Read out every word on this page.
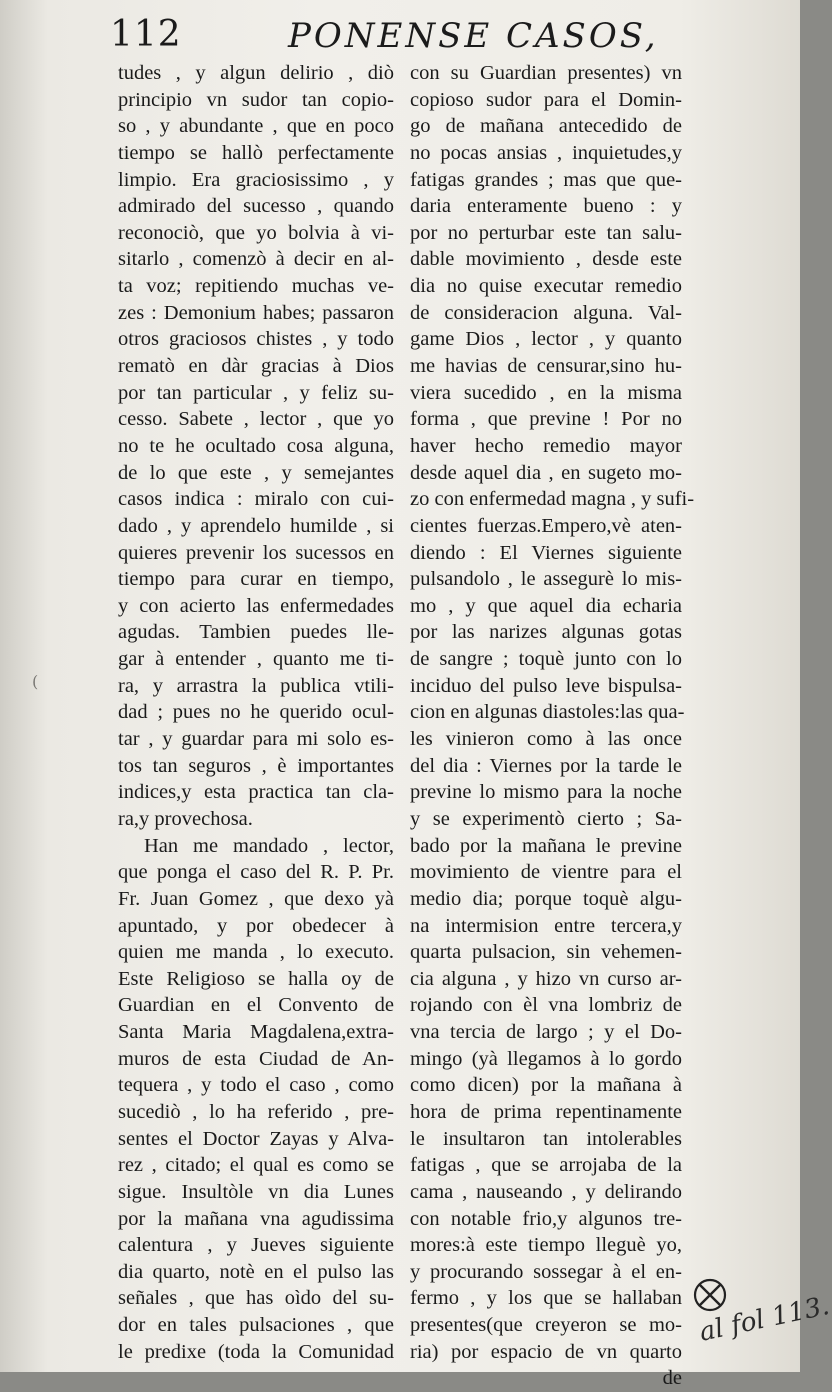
112	PONENSE CASOS,
tudes , y algun delirio , diò
principio vn sudor tan copio-
so , y abundante , que en poco
tiempo se hallò perfectamente
limpio. Era graciosissimo , y
admirado del sucesso , quando
reconociò, que yo bolvia à vi-
sitarlo , comenzò à decir en al-
ta voz; repitiendo muchas ve-
zes : Demonium habes; passaron
otros graciosos chistes , y todo
rematò en dàr gracias à Dios
por tan particular , y feliz su-
cesso. Sabete , lector , que yo
no te he ocultado cosa alguna,
de lo que este , y semejantes
casos indica : miralo con cui-
dado , y aprendelo humilde , si
quieres prevenir los sucessos en
tiempo para curar en tiempo,
y con acierto las enfermedades
agudas. Tambien puedes lle-
gar à entender , quanto me ti-
ra, y arrastra la publica vtili-
dad ; pues no he querido ocul-
tar , y guardar para mi solo es-
tos tan seguros , è importantes
indices,y esta practica tan cla-
ra,y provechosa.
Han me mandado , lector,
que ponga el caso del R. P. Pr.
Fr. Juan Gomez , que dexo yà
apuntado, y por obedecer à
quien me manda , lo executo.
Este Religioso se halla oy de
Guardian en el Convento de
Santa Maria Magdalena,extra-
muros de esta Ciudad de An-
tequera , y todo el caso , como
sucediò , lo ha referido , pre-
sentes el Doctor Zayas y Alva-
rez , citado; el qual es como se
sigue. Insultòle vn dia Lunes
por la mañana vna agudissima
calentura , y Jueves siguiente
dia quarto, notè en el pulso las
señales , que has oìdo del su-
dor en tales pulsaciones , que
le predixe (toda la Comunidad
con su Guardian presentes) vn
copioso sudor para el Domin-
go de mañana antecedido de
no pocas ansias , inquietudes,y
fatigas grandes ; mas que que-
daria enteramente bueno : y
por no perturbar este tan salu-
dable movimiento , desde este
dia no quise executar remedio
de consideracion alguna. Val-
game Dios , lector , y quanto
me havias de censurar,sino hu-
viera sucedido , en la misma
forma , que previne ! Por no
haver hecho remedio mayor
desde aquel dia , en sugeto mo-
zo con enfermedad magna , y sufi-
cientes fuerzas.Empero,vè aten-
diendo : El Viernes siguiente
pulsandolo , le assegurè lo mis-
mo , y que aquel dia echaria
por las narizes algunas gotas
de sangre ; toquè junto con lo
inciduo del pulso leve bispulsa-
cion en algunas diastoles:las qua-
les vinieron como à las once
del dia : Viernes por la tarde le
previne lo mismo para la noche
y se experimentò cierto ; Sa-
bado por la mañana le previne
movimiento de vientre para el
medio dia; porque toquè algu-
na intermision entre tercera,y
quarta pulsacion, sin vehemen-
cia alguna , y hizo vn curso ar-
rojando con èl vna lombriz de
vna tercia de largo ; y el Do-
mingo (yà llegamos à lo gordo
como dicen) por la mañana à
hora de prima repentinamente
le insultaron tan intolerables
fatigas , que se arrojaba de la
cama , nauseando , y delirando
con notable frio,y algunos tre-
mores:à este tiempo lleguè yo,
y procurando sossegar à el en-
fermo , y los que se hallaban
presentes(que creyeron se mo-
ria) por espacio de vn quarto
de
(
al fol 113.
